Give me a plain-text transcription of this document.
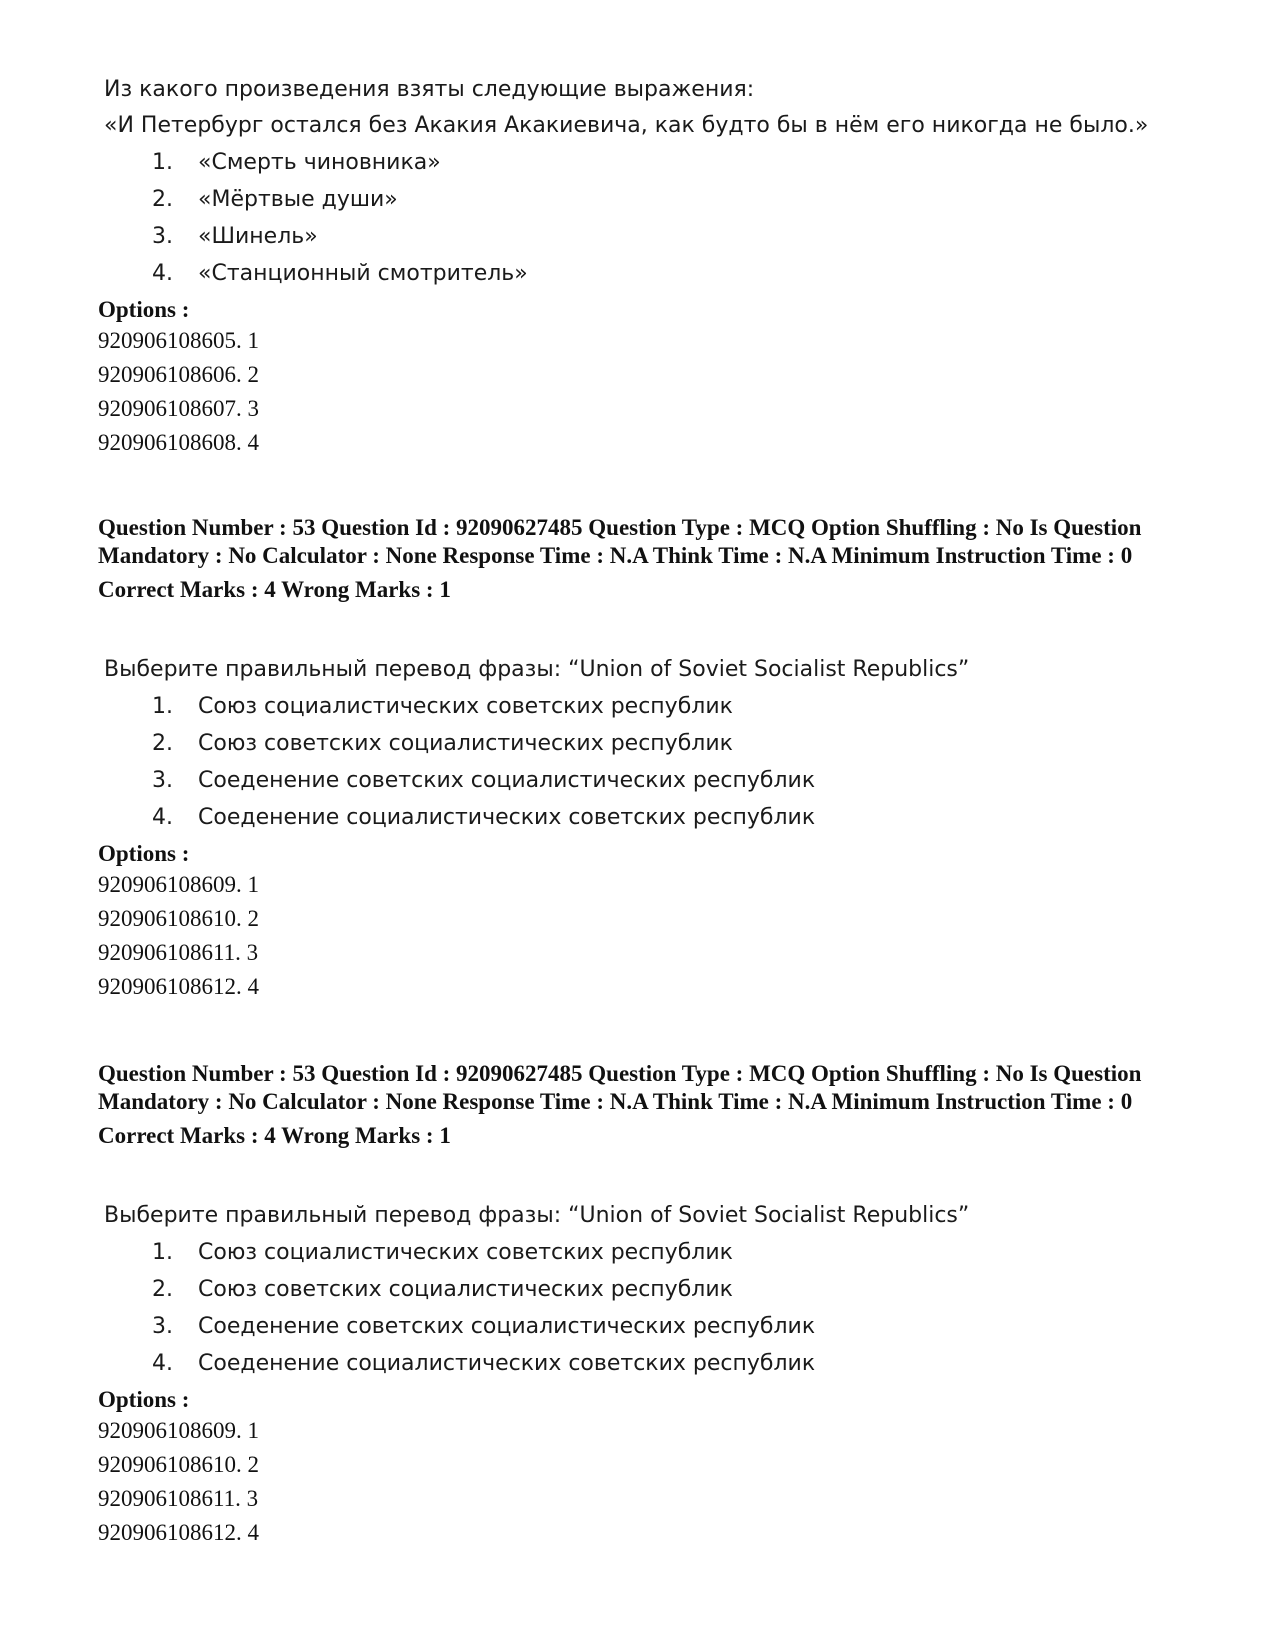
Из какого произведения взяты следующие выражения:
«И Петербург остался без Акакия Акакиевича, как будто бы в нём его никогда не было.»
1. «Смерть чиновника»
2. «Мёртвые души»
3. «Шинель»
4. «Станционный смотритель»
Options :
920906108605. 1
920906108606. 2
920906108607. 3
920906108608. 4
Question Number : 53 Question Id : 92090627485 Question Type : MCQ Option Shuffling : No Is Question Mandatory : No Calculator : None Response Time : N.A Think Time : N.A Minimum Instruction Time : 0
Correct Marks : 4 Wrong Marks : 1
Выберите правильный перевод фразы: “Union of Soviet Socialist Republics”
1. Союз социалистических советских республик
2. Союз советских социалистических республик
3. Соеденение советских социалистических республик
4. Соеденение социалистических советских республик
Options :
920906108609. 1
920906108610. 2
920906108611. 3
920906108612. 4
Question Number : 53 Question Id : 92090627485 Question Type : MCQ Option Shuffling : No Is Question Mandatory : No Calculator : None Response Time : N.A Think Time : N.A Minimum Instruction Time : 0
Correct Marks : 4 Wrong Marks : 1
Выберите правильный перевод фразы: “Union of Soviet Socialist Republics”
1. Союз социалистических советских республик
2. Союз советских социалистических республик
3. Соеденение советских социалистических республик
4. Соеденение социалистических советских республик
Options :
920906108609. 1
920906108610. 2
920906108611. 3
920906108612. 4
